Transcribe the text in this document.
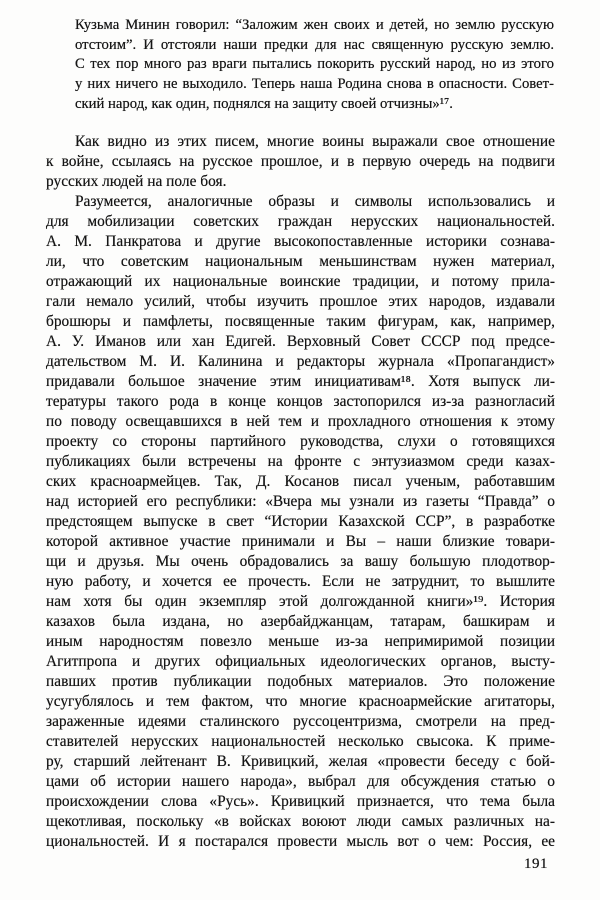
Кузьма Минин говорил: “Заложим жен своих и детей, но землю русскую
отстоим”. И отстояли наши предки для нас священную русскую землю.
С тех пор много раз враги пытались покорить русский народ, но из этого
у них ничего не выходило. Теперь наша Родина снова в опасности. Совет-
ский народ, как один, поднялся на защиту своей отчизны»¹⁷.
Как видно из этих писем, многие воины выражали свое отношение
к войне, ссылаясь на русское прошлое, и в первую очередь на подвиги
русских людей на поле боя.
Разумеется, аналогичные образы и символы использовались и
для мобилизации советских граждан нерусских национальностей.
А. М. Панкратова и другие высокопоставленные историки сознава-
ли, что советским национальным меньшинствам нужен материал,
отражающий их национальные воинские традиции, и потому прила-
гали немало усилий, чтобы изучить прошлое этих народов, издавали
брошюры и памфлеты, посвященные таким фигурам, как, например,
А. У. Иманов или хан Едигей. Верховный Совет СССР под предсе-
дательством М. И. Калинина и редакторы журнала «Пропагандист»
придавали большое значение этим инициативам¹⁸. Хотя выпуск ли-
тературы такого рода в конце концов застопорился из-за разногласий
по поводу освещавшихся в ней тем и прохладного отношения к этому
проекту со стороны партийного руководства, слухи о готовящихся
публикациях были встречены на фронте с энтузиазмом среди казах-
ских красноармейцев. Так, Д. Косанов писал ученым, работавшим
над историей его республики: «Вчера мы узнали из газеты “Правда” о
предстоящем выпуске в свет “Истории Казахской ССР”, в разработке
которой активное участие принимали и Вы – наши близкие товари-
щи и друзья. Мы очень обрадовались за вашу большую плодотвор-
ную работу, и хочется ее прочесть. Если не затруднит, то вышлите
нам хотя бы один экземпляр этой долгожданной книги»¹⁹. История
казахов была издана, но азербайджанцам, татарам, башкирам и
иным народностям повезло меньше из-за непримиримой позиции
Агитпропа и других официальных идеологических органов, высту-
павших против публикации подобных материалов. Это положение
усугублялось и тем фактом, что многие красноармейские агитаторы,
зараженные идеями сталинского руссоцентризма, смотрели на пред-
ставителей нерусских национальностей несколько свысока. К приме-
ру, старший лейтенант В. Кривицкий, желая «провести беседу с бой-
цами об истории нашего народа», выбрал для обсуждения статью о
происхождении слова «Русь». Кривицкий признается, что тема была
щекотливая, поскольку «в войсках воюют люди самых различных на-
циональностей. И я постарался провести мысль вот о чем: Россия, ее
191
